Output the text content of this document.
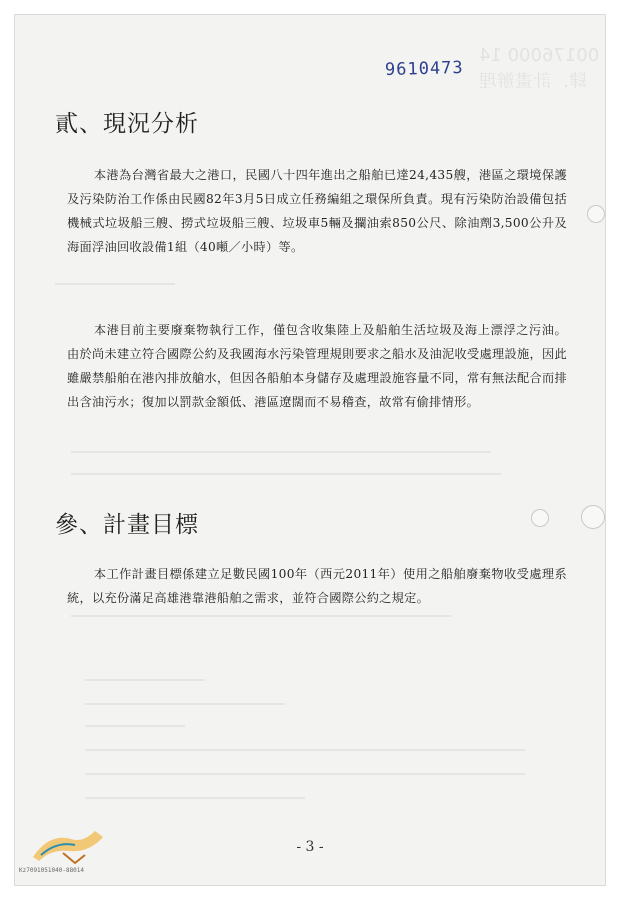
00176000 14
肆．計畫辦理
9610473
貳、現況分析

本港為台灣省最大之港口，民國八十四年進出之船舶已達24,435艘，港區之環境保護及污染防治工作係由民國82年3月5日成立任務編組之環保所負責。現有污染防治設備包括機械式垃圾船三艘、撈式垃圾船三艘、垃圾車5輛及攔油索850公尺、除油劑3,500公升及海面浮油回收設備1組（40噸／小時）等。

本港目前主要廢棄物執行工作，僅包含收集陸上及船舶生活垃圾及海上漂浮之污油。由於尚未建立符合國際公約及我國海水污染管理規則要求之船水及油泥收受處理設施，因此雖嚴禁船舶在港內排放艙水，但因各船舶本身儲存及處理設施容量不同，常有無法配合而排出含油污水；復加以罰款金額低、港區遼闊而不易稽查，故常有偷排情形。

參、計畫目標

本工作計畫目標係建立足數民國100年（西元2011年）使用之船舶廢棄物收受處理系統，以充份滿足高雄港靠港船舶之需求，並符合國際公約之規定。

Kz7091051040-88014
- 3 -
